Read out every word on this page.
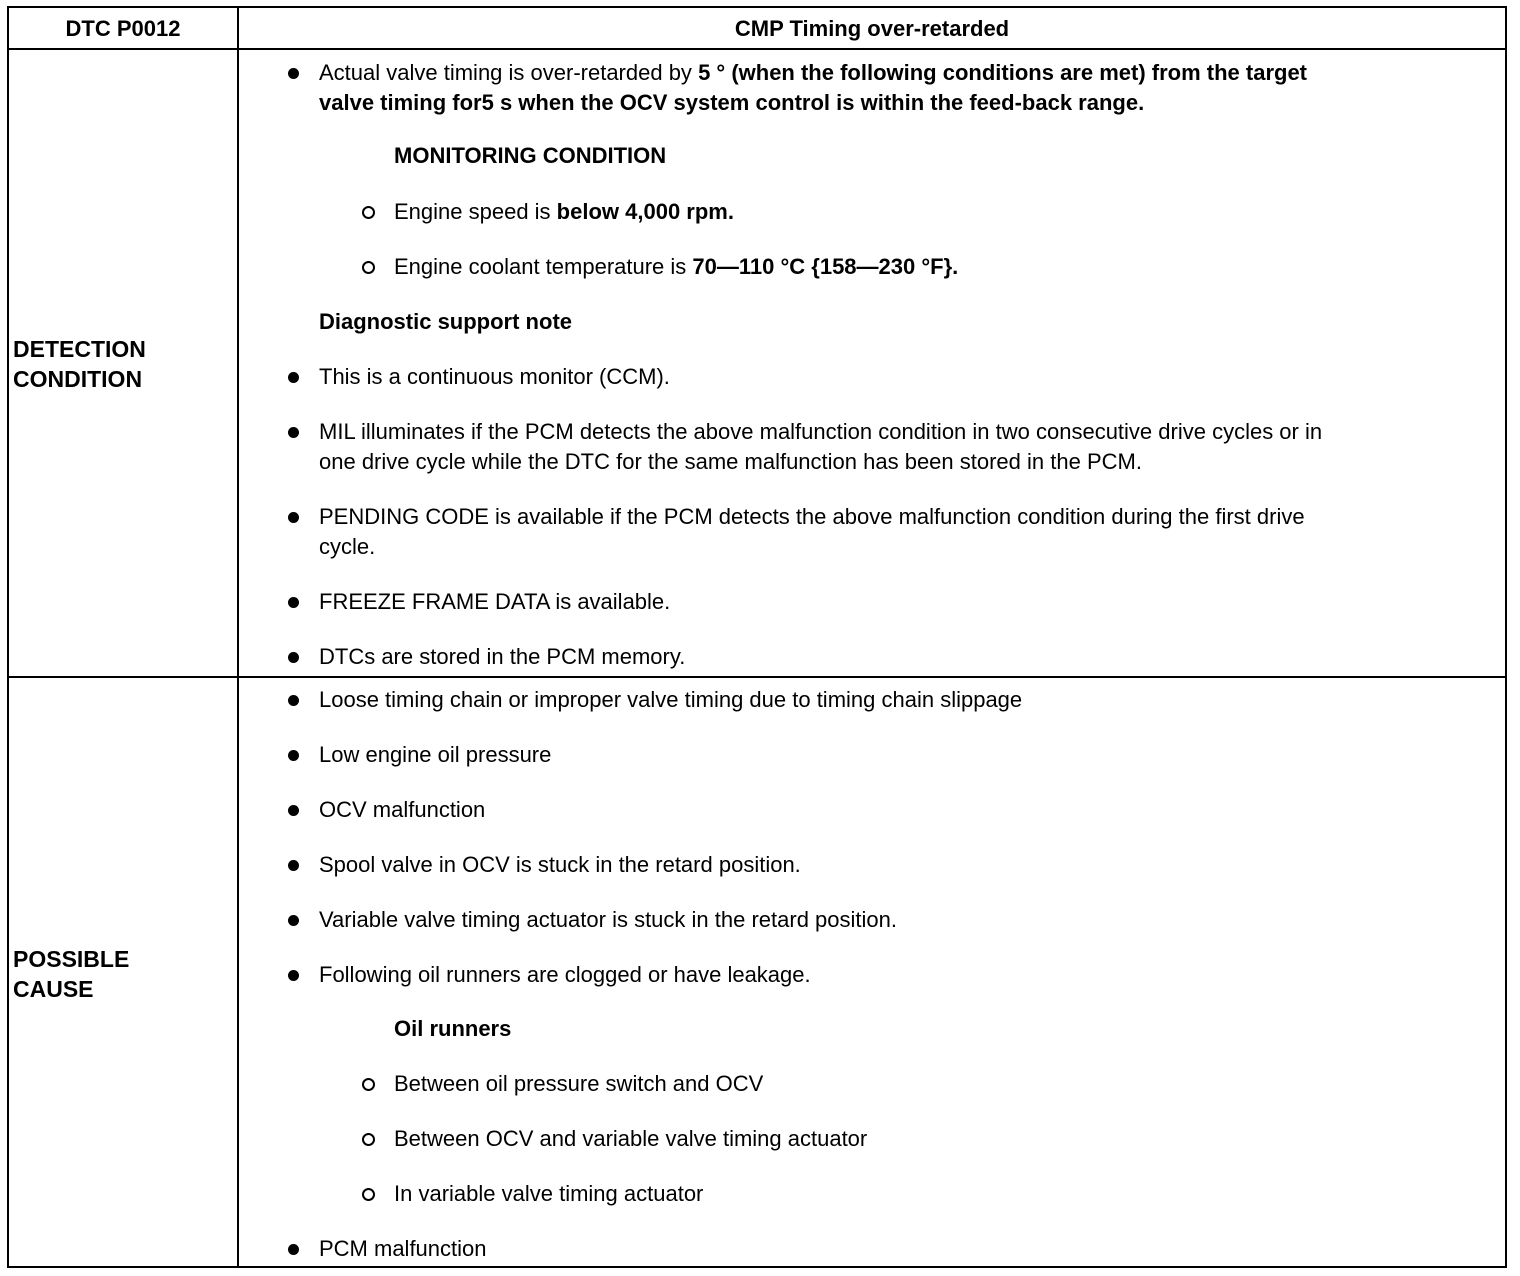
DTC P0012	CMP Timing over-retarded
DETECTION
CONDITION
Actual valve timing is over-retarded by 5 ° (when the following conditions are met) from the target
valve timing for5 s when the OCV system control is within the feed-back range.
MONITORING CONDITION
Engine speed is below 4,000 rpm.
Engine coolant temperature is 70—110 °C {158—230 °F}.
Diagnostic support note
This is a continuous monitor (CCM).
MIL illuminates if the PCM detects the above malfunction condition in two consecutive drive cycles or in
one drive cycle while the DTC for the same malfunction has been stored in the PCM.
PENDING CODE is available if the PCM detects the above malfunction condition during the first drive
cycle.
FREEZE FRAME DATA is available.
DTCs are stored in the PCM memory.
POSSIBLE
CAUSE
Loose timing chain or improper valve timing due to timing chain slippage
Low engine oil pressure
OCV malfunction
Spool valve in OCV is stuck in the retard position.
Variable valve timing actuator is stuck in the retard position.
Following oil runners are clogged or have leakage.
Oil runners
Between oil pressure switch and OCV
Between OCV and variable valve timing actuator
In variable valve timing actuator
PCM malfunction
